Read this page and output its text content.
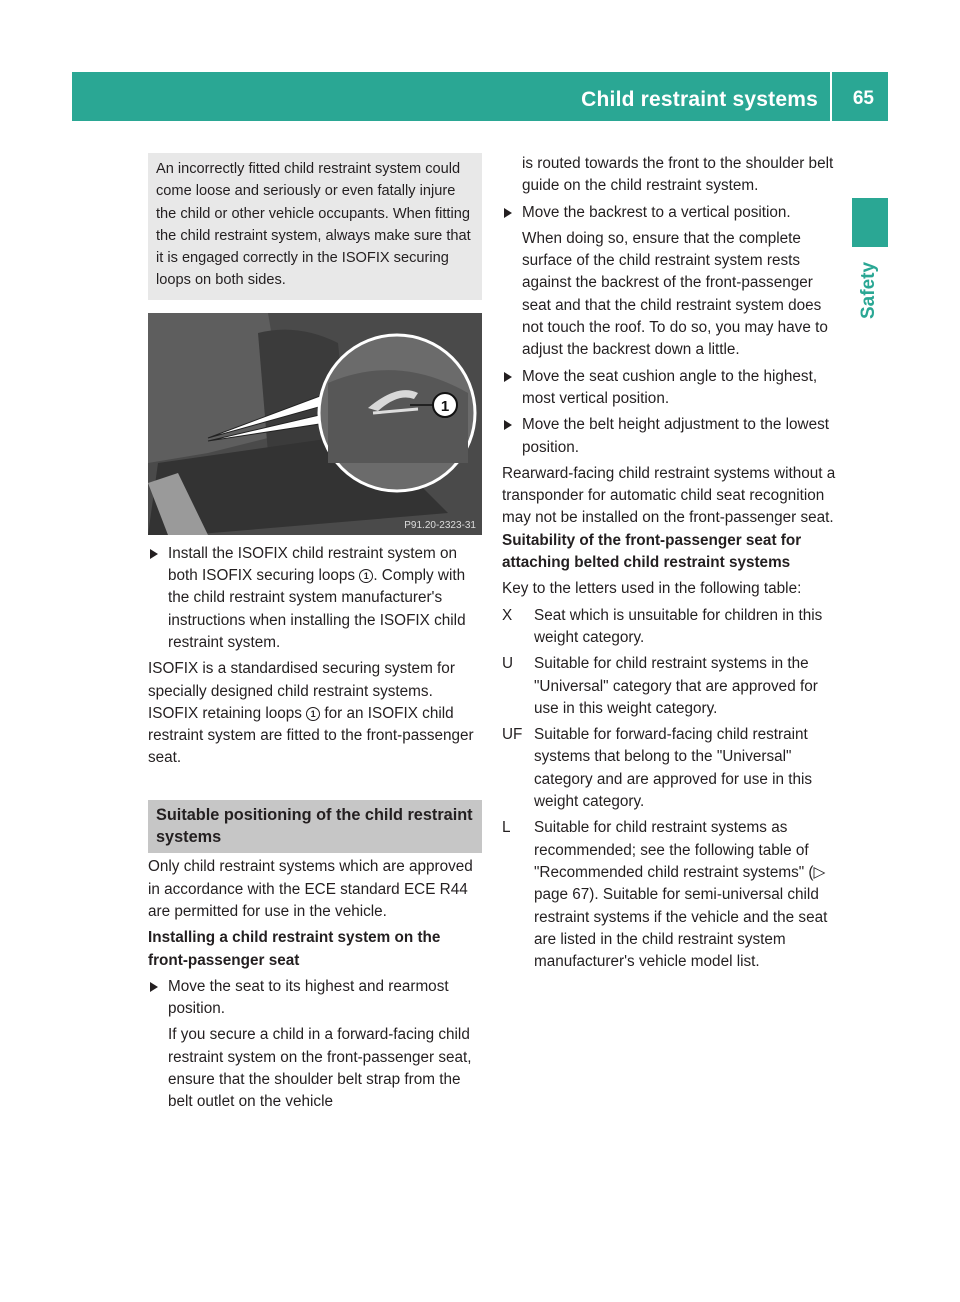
Child restraint systems 65
Safety
An incorrectly fitted child restraint system could come loose and seriously or even fatally injure the child or other vehicle occupants. When fitting the child restraint system, always make sure that it is engaged correctly in the ISOFIX securing loops on both sides.
1
P91.20-2323-31

Install the ISOFIX child restraint system on both ISOFIX securing loops 1 . Comply with the child restraint system manufacturer's instructions when installing the ISOFIX child restraint system.

ISOFIX is a standardised securing system for specially designed child restraint systems.

ISOFIX retaining loops 1 for an ISOFIX child restraint system are fitted to the front-passenger seat.

Suitable positioning of the child restraint systems

Only child restraint systems which are approved in accordance with the ECE standard ECE R44 are permitted for use in the vehicle.

Installing a child restraint system on the front-passenger seat

Move the seat to its highest and rearmost position.

If you secure a child in a forward-facing child restraint system on the front-passenger seat, ensure that the shoulder belt strap from the belt outlet on the vehicle

is routed towards the front to the shoulder belt guide on the child restraint system.

Move the backrest to a vertical position.

When doing so, ensure that the complete surface of the child restraint system rests against the backrest of the front-passenger seat and that the child restraint system does not touch the roof. To do so, you may have to adjust the backrest down a little.

Move the seat cushion angle to the highest, most vertical position.

Move the belt height adjustment to the lowest position.

Rearward-facing child restraint systems without a transponder for automatic child seat recognition may not be installed on the front-passenger seat.

Suitability of the front-passenger seat for attaching belted child restraint systems

Key to the letters used in the following table:

X Seat which is unsuitable for children in this weight category.

U Suitable for child restraint systems in the "Universal" category that are approved for use in this weight category.

UF Suitable for forward-facing child restraint systems that belong to the "Universal" category and are approved for use in this weight category.

L Suitable for child restraint systems as recommended; see the following table of "Recommended child restraint systems" (▷ page 67). Suitable for semi-universal child restraint systems if the vehicle and the seat are listed in the child restraint system manufacturer's vehicle model list.
